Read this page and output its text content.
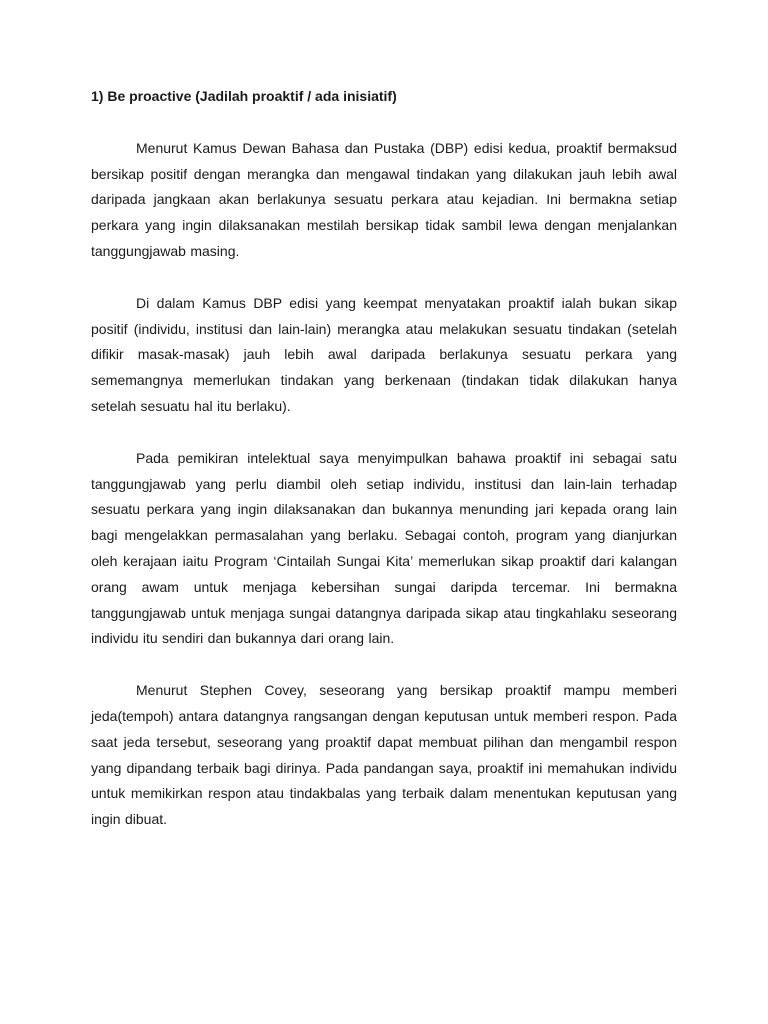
1) Be proactive (Jadilah proaktif / ada inisiatif)

Menurut Kamus Dewan Bahasa dan Pustaka (DBP) edisi kedua, proaktif bermaksud bersikap positif dengan merangka dan mengawal tindakan yang dilakukan jauh lebih awal daripada jangkaan akan berlakunya sesuatu perkara atau kejadian. Ini bermakna setiap perkara yang ingin dilaksanakan mestilah bersikap tidak sambil lewa dengan menjalankan tanggungjawab masing.

Di dalam Kamus DBP edisi yang keempat menyatakan proaktif ialah bukan sikap positif (individu, institusi dan lain-lain) merangka atau melakukan sesuatu tindakan (setelah difikir masak-masak) jauh lebih awal daripada berlakunya sesuatu perkara yang sememangnya memerlukan tindakan yang berkenaan (tindakan tidak dilakukan hanya setelah sesuatu hal itu berlaku).

Pada pemikiran intelektual saya menyimpulkan bahawa proaktif ini sebagai satu tanggungjawab yang perlu diambil oleh setiap individu, institusi dan lain-lain terhadap sesuatu perkara yang ingin dilaksanakan dan bukannya menunding jari kepada orang lain bagi mengelakkan permasalahan yang berlaku. Sebagai contoh, program yang dianjurkan oleh kerajaan iaitu Program ‘Cintailah Sungai Kita’ memerlukan sikap proaktif dari kalangan orang awam untuk menjaga kebersihan sungai daripda tercemar. Ini bermakna tanggungjawab untuk menjaga sungai datangnya daripada sikap atau tingkahlaku seseorang individu itu sendiri dan bukannya dari orang lain.

Menurut Stephen Covey, seseorang yang bersikap proaktif mampu memberi jeda(tempoh) antara datangnya rangsangan dengan keputusan untuk memberi respon. Pada saat jeda tersebut, seseorang yang proaktif dapat membuat pilihan dan mengambil respon yang dipandang terbaik bagi dirinya. Pada pandangan saya, proaktif ini memahukan individu untuk memikirkan respon atau tindakbalas yang terbaik dalam menentukan keputusan yang ingin dibuat.
